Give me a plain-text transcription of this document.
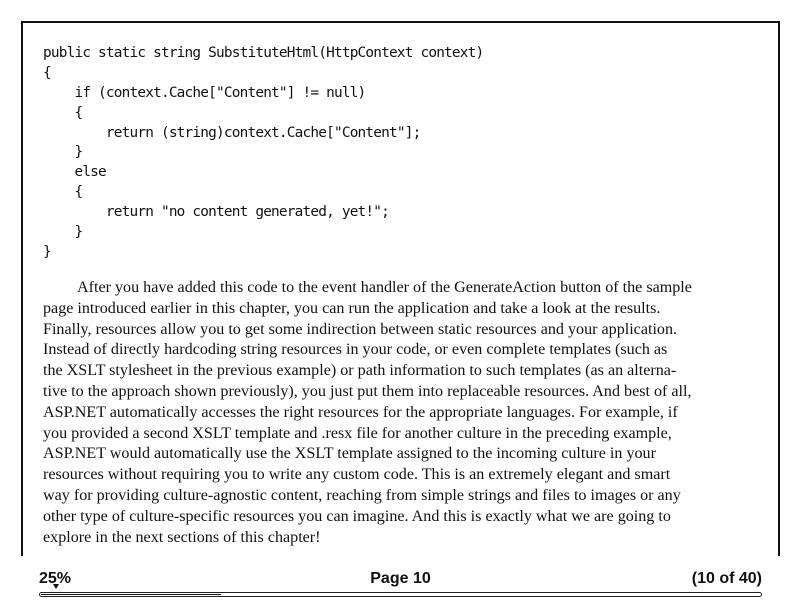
public static string SubstituteHtml(HttpContext context)
{
if (context.Cache["Content"] != null)
{
return (string)context.Cache["Content"];
}
else
{
return "no content generated, yet!";
}
}
After you have added this code to the event handler of the GenerateAction button of the sample
page introduced earlier in this chapter, you can run the application and take a look at the results.
Finally, resources allow you to get some indirection between static resources and your application.
Instead of directly hardcoding string resources in your code, or even complete templates (such as
the XSLT stylesheet in the previous example) or path information to such templates (as an alterna-
tive to the approach shown previously), you just put them into replaceable resources. And best of all,
ASP.NET automatically accesses the right resources for the appropriate languages. For example, if
you provided a second XSLT template and .resx file for another culture in the preceding example,
ASP.NET would automatically use the XSLT template assigned to the incoming culture in your
resources without requiring you to write any custom code. This is an extremely elegant and smart
way for providing culture-agnostic content, reaching from simple strings and files to images or any
other type of culture-specific resources you can imagine. And this is exactly what we are going to
explore in the next sections of this chapter!
25%	Page 10	(10 of 40)
